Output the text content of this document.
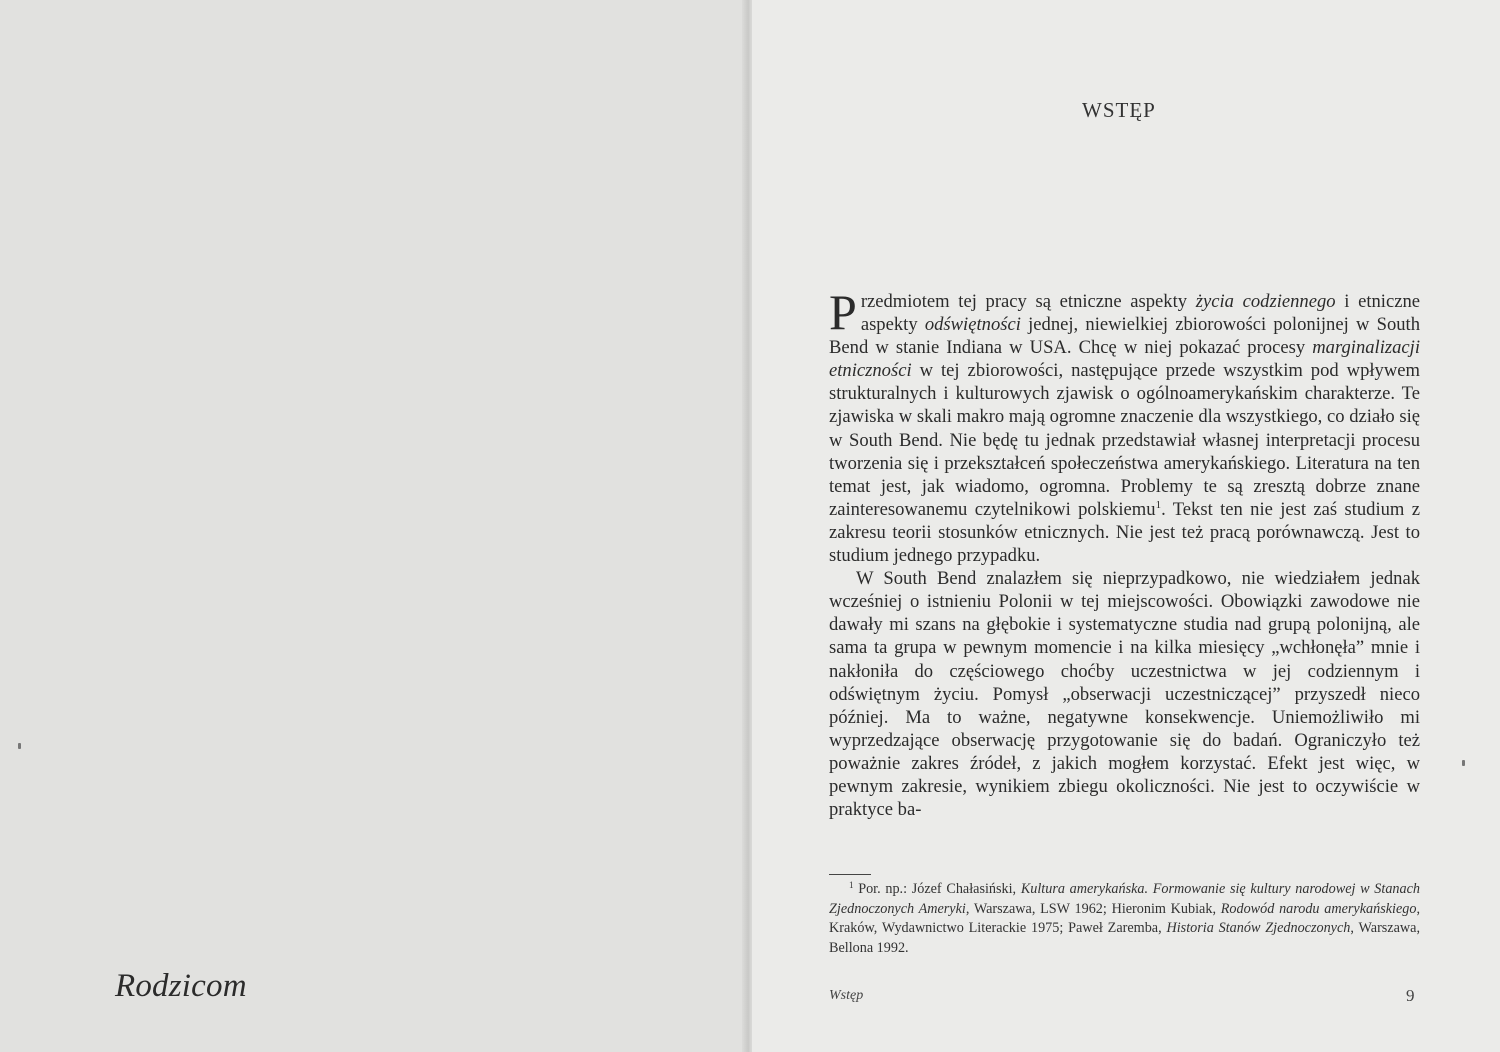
Rodzicom
WSTĘP

Przedmiotem tej pracy są etniczne aspekty życia codziennego i etniczne aspekty odświętności jednej, niewielkiej zbiorowości polonijnej w South Bend w stanie Indiana w USA. Chcę w niej pokazać procesy marginalizacji etniczności w tej zbiorowości, następujące przede wszystkim pod wpływem strukturalnych i kulturowych zjawisk o ogólnoamerykańskim charakterze. Te zjawiska w skali makro mają ogromne znaczenie dla wszystkiego, co działo się w South Bend. Nie będę tu jednak przedstawiał własnej interpretacji procesu tworzenia się i przekształceń społeczeństwa amerykańskiego. Literatura na ten temat jest, jak wiadomo, ogromna. Problemy te są zresztą dobrze znane zainteresowanemu czytelnikowi polskiemu$^1$. Tekst ten nie jest zaś studium z zakresu teorii stosunków etnicznych. Nie jest też pracą porównawczą. Jest to studium jednego przypadku.

W South Bend znalazłem się nieprzypadkowo, nie wiedziałem jednak wcześniej o istnieniu Polonii w tej miejscowości. Obowiązki zawodowe nie dawały mi szans na głębokie i systematyczne studia nad grupą polonijną, ale sama ta grupa w pewnym momencie i na kilka miesięcy „wchłonęła” mnie i nakłoniła do częściowego choćby uczestnictwa w jej codziennym i odświętnym życiu. Pomysł „obserwacji uczestniczącej” przyszedł nieco później. Ma to ważne, negatywne konsekwencje. Uniemożliwiło mi wyprzedzające obserwację przygotowanie się do badań. Ograniczyło też poważnie zakres źródeł, z jakich mogłem korzystać. Efekt jest więc, w pewnym zakresie, wynikiem zbiegu okoliczności. Nie jest to oczywiście w praktyce ba-

$^1$ Por. np.: Józef Chałasiński, Kultura amerykańska. Formowanie się kultury narodowej w Stanach Zjednoczonych Ameryki, Warszawa, LSW 1962; Hieronim Kubiak, Rodowód narodu amerykańskiego, Kraków, Wydawnictwo Literackie 1975; Paweł Zaremba, Historia Stanów Zjednoczonych, Warszawa, Bellona 1992.
Wstęp	9
